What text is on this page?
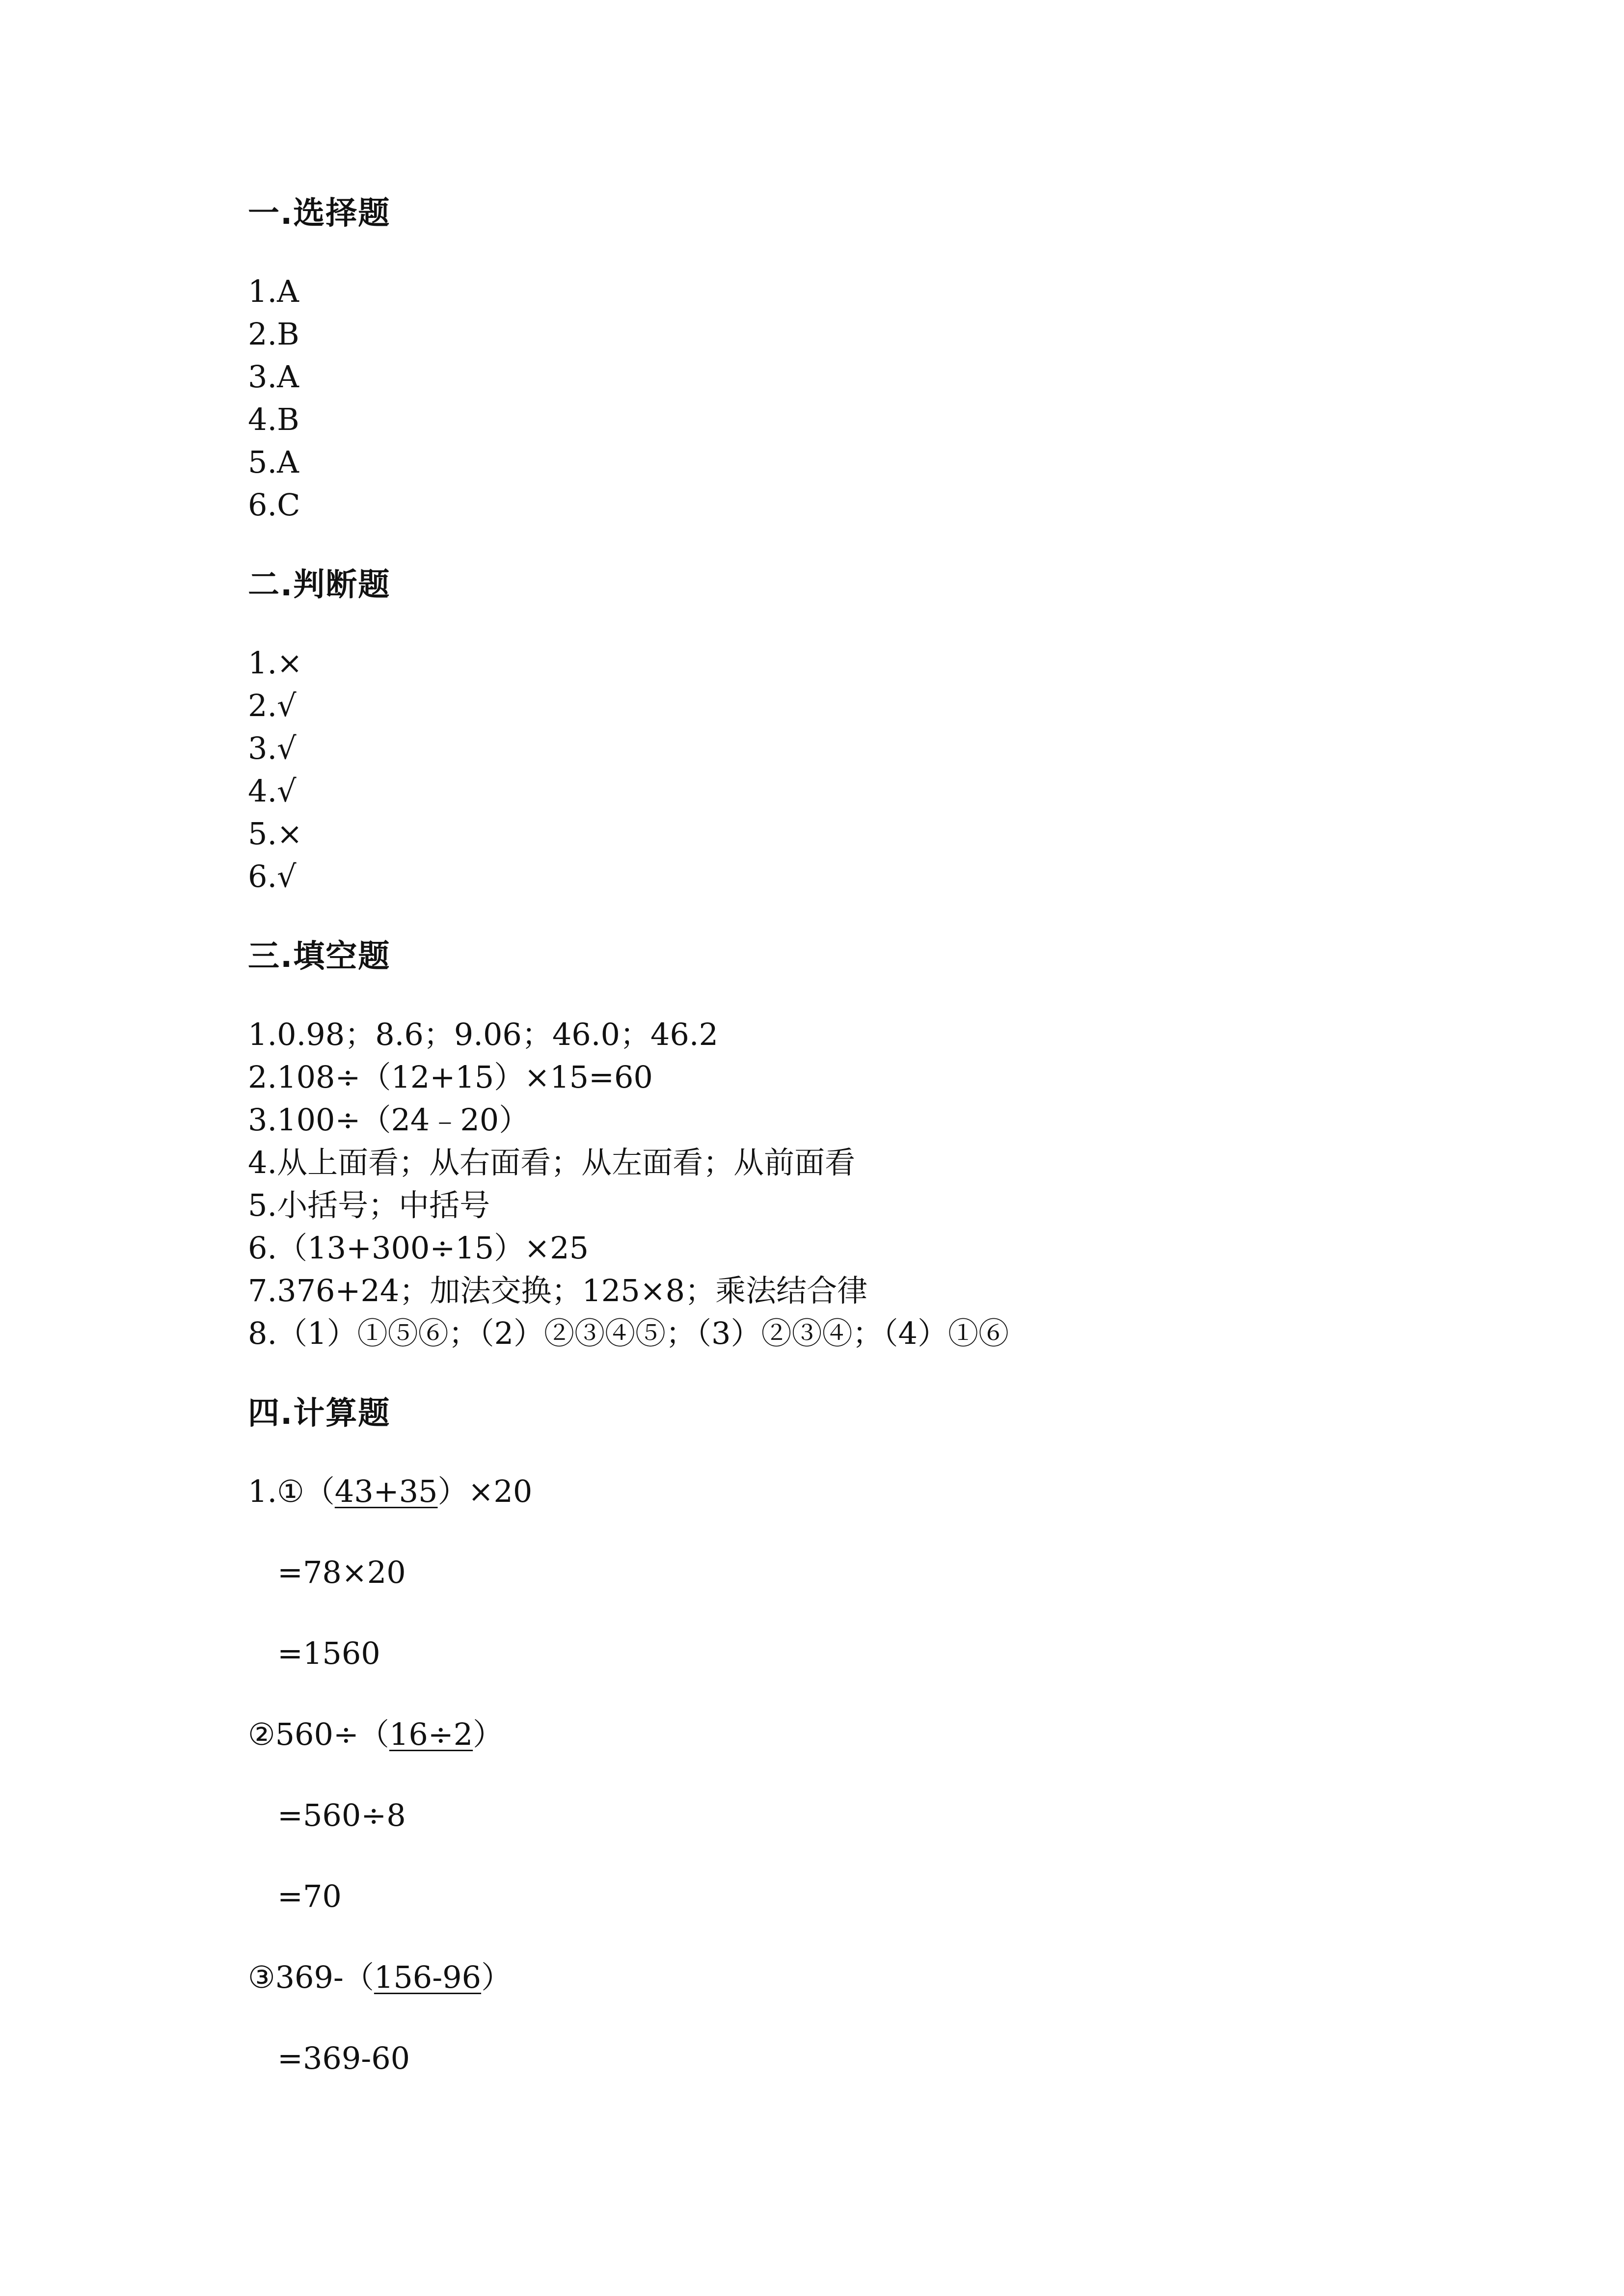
一.选择题
1.A
2.B
3.A
4.B
5.A
6.C
二.判断题
1.×
2.√
3.√
4.√
5.×
6.√
三.填空题
1.0.98；8.6；9.06；46.0；46.2
2.108÷（12+15）×15=60
3.100÷（24﹣20）
4.从上面看；从右面看；从左面看；从前面看
5.小括号；中括号
6.（13+300÷15）×25
7.376+24；加法交换；125×8；乘法结合律
8.（1）①⑤⑥；（2）②③④⑤；（3）②③④；（4）①⑥
四.计算题
1.①（43+35）×20
=78×20
=1560
②560÷（16÷2）
=560÷8
=70
③369-（156-96）
=369-60
